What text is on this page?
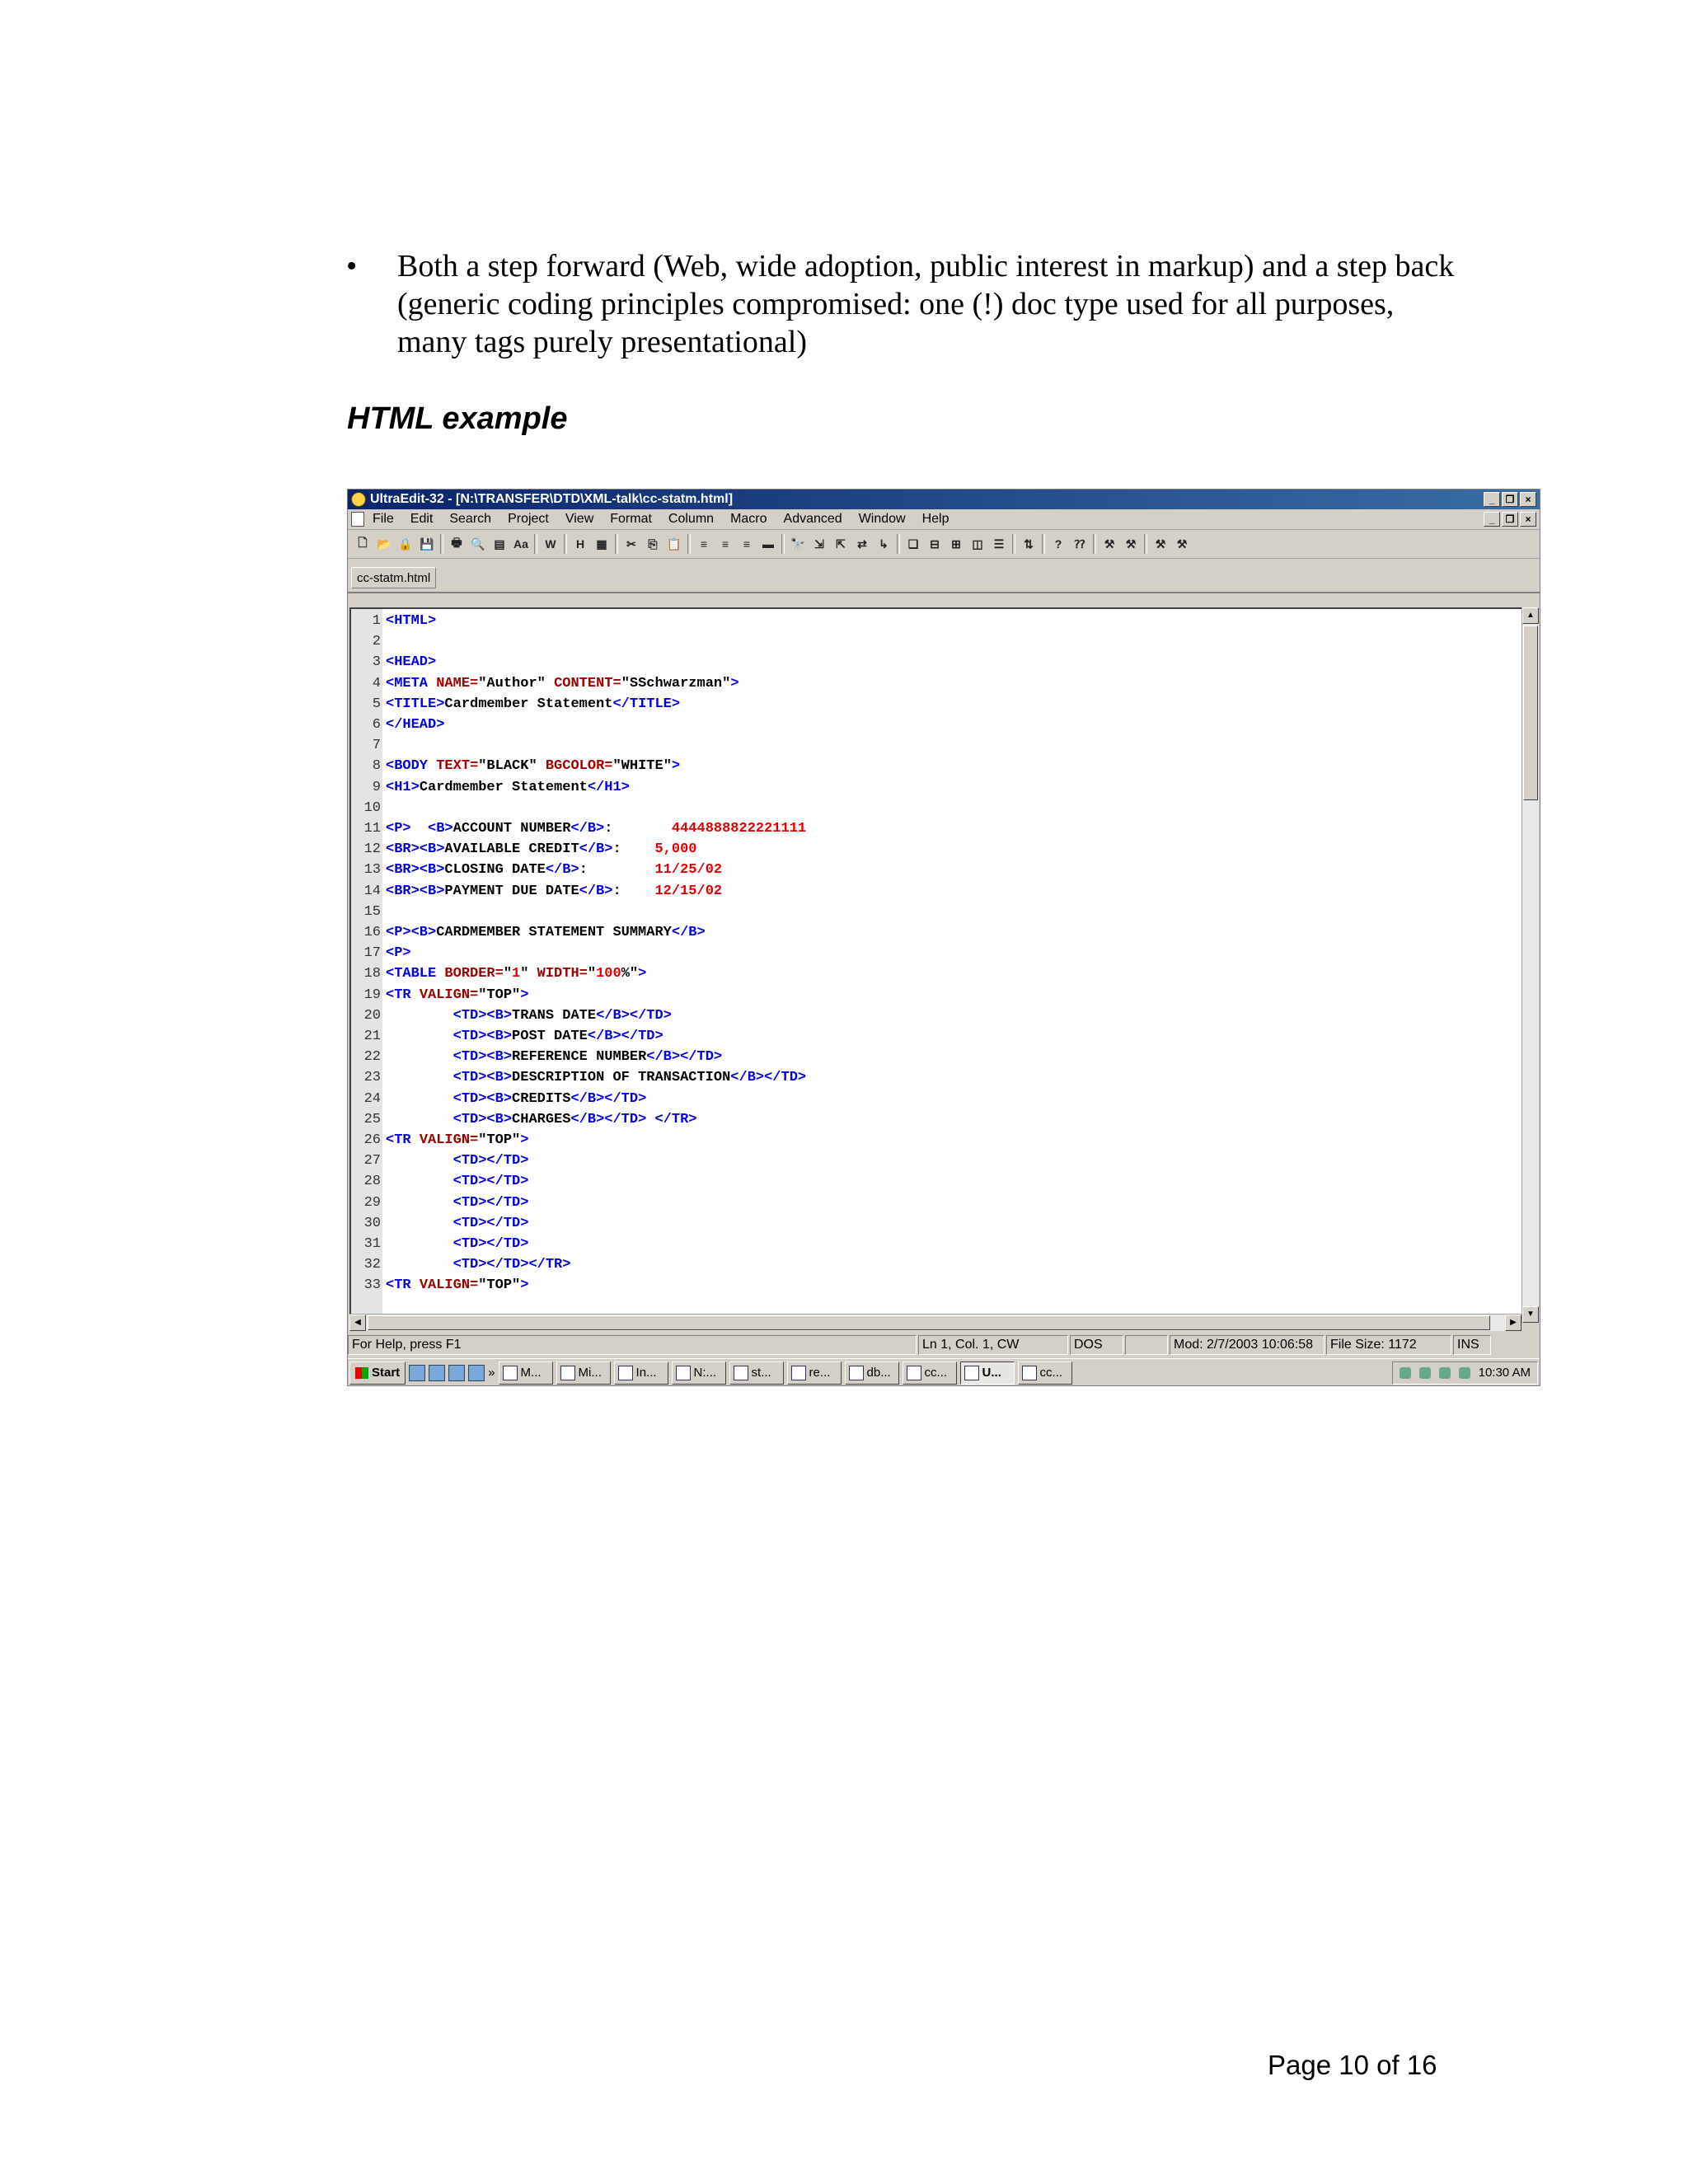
•	Both a step forward (Web, wide adoption, public interest in markup) and a step back (generic coding principles compromised: one (!) doc type used for all purposes, many tags purely presentational)
HTML example
UltraEdit-32 - [N:\TRANSFER\DTD\XML-talk\cc-statm.html]	_	❐	×
File Edit Search Project View Format Column Macro Advanced Window Help	_	❐	×
🗋 📂 🔒 💾 🖶 🔍 ▤ Aa W	H	▦ ✂	⎘ 📋	≡	≡	≡	▬ 🔭 ⇲ ⇱ ⇄ ↳ ❏ ⊟ ⊞ ◫ ☰ ⇅	?	⁇ ⚒ ⚒ ⚒ ⚒
cc-statm.html
1 <HTML>
2
3 <HEAD>
4 <META NAME="Author" CONTENT="SSchwarzman">
5 <TITLE>Cardmember Statement</TITLE>
6 </HEAD>
7
8 <BODY TEXT="BLACK" BGCOLOR="WHITE">
9 <H1>Cardmember Statement</H1>
10
11 <P>  <B>ACCOUNT NUMBER</B>:       4444888822221111
12 <BR><B>AVAILABLE CREDIT</B>:    5,000
13 <BR><B>CLOSING DATE</B>:        11/25/02
14 <BR><B>PAYMENT DUE DATE</B>:    12/15/02
15
16 <P><B>CARDMEMBER STATEMENT SUMMARY</B>
17 <P>
18 <TABLE BORDER="1" WIDTH="100%">
19 <TR VALIGN="TOP">
20	<TD><B>TRANS DATE</B></TD>
21	<TD><B>POST DATE</B></TD>
22	<TD><B>REFERENCE NUMBER</B></TD>
23	<TD><B>DESCRIPTION OF TRANSACTION</B></TD>
24	<TD><B>CREDITS</B></TD>
25	<TD><B>CHARGES</B></TD> </TR>
26 <TR VALIGN="TOP">
27	<TD></TD>
28	<TD></TD>
29	<TD></TD>
30	<TD></TD>
31	<TD></TD>
32	<TD></TD></TR>
33 <TR VALIGN="TOP">
▲
▼
◀	▶
For Help, press F1	Ln 1, Col. 1, CW	DOS	Mod: 2/7/2003 10:06:58	File Size: 1172	INS
Start	» M...	Mi...	In...	N:...	st...	re...	db...	cc...	U...	cc...	10:30 AM
Page 10 of 16
